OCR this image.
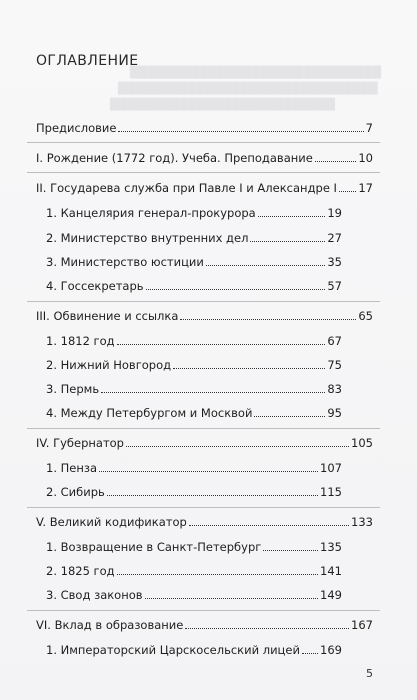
█████████████████████████████
██████████████████████████████
██████████████████████████
ОГЛАВЛЕНИЕ
Предисловие	7
I. Рождение (1772 год). Учеба. Преподавание	10
II. Государева служба при Павле I и Александре I 17
1. Канцелярия генерал-прокурора	19
2. Министерство внутренних дел	27
3. Министерство юстиции	35
4. Госсекретарь	57
III. Обвинение и ссылка	65
1. 1812 год	67
2. Нижний Новгород	75
3. Пермь	83
4. Между Петербургом и Москвой	95
IV. Губернатор	105
1. Пенза	107
2. Сибирь	115
V. Великий кодификатор	133
1. Возвращение в Санкт-Петербург	135
2. 1825 год	141
3. Свод законов	149
VI. Вклад в образование	167
1. Императорский Царскосельский лицей 169
5
